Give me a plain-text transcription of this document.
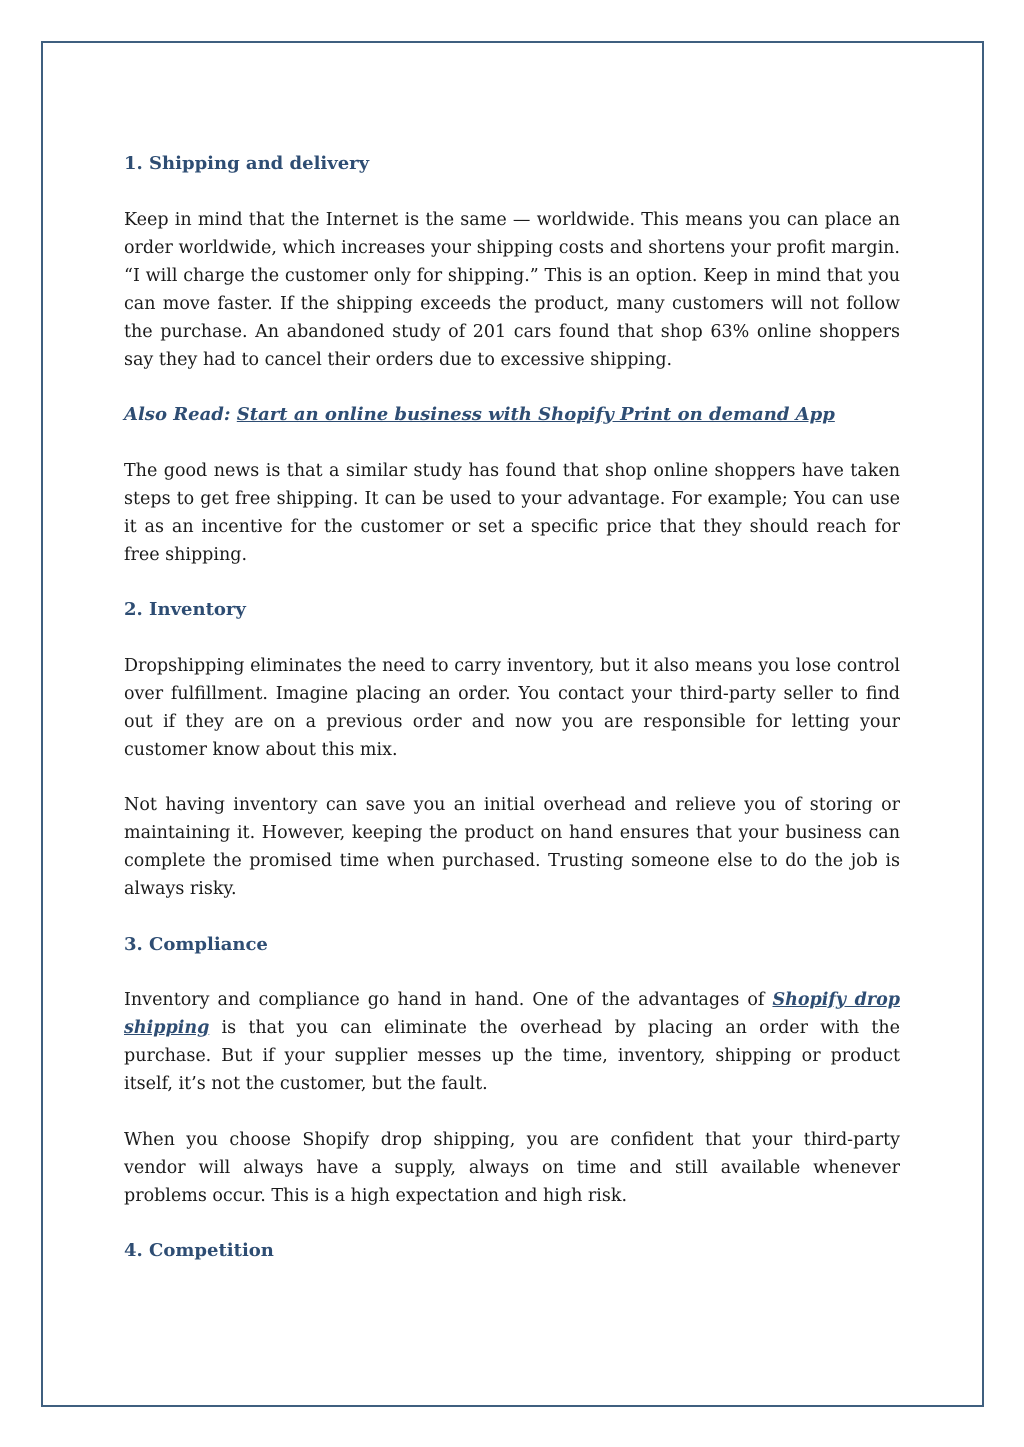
1. Shipping and delivery

Keep in mind that the Internet is the same — worldwide. This means you can place an order worldwide, which increases your shipping costs and shortens your profit margin. “I will charge the customer only for shipping.” This is an option. Keep in mind that you can move faster. If the shipping exceeds the product, many customers will not follow the purchase. An abandoned study of 201 cars found that shop 63% online shoppers say they had to cancel their orders due to excessive shipping.

Also Read: Start an online business with Shopify Print on demand App

The good news is that a similar study has found that shop online shoppers have taken steps to get free shipping. It can be used to your advantage. For example; You can use it as an incentive for the customer or set a specific price that they should reach for free shipping.

2. Inventory

Dropshipping eliminates the need to carry inventory, but it also means you lose control over fulfillment. Imagine placing an order. You contact your third-party seller to find out if they are on a previous order and now you are responsible for letting your customer know about this mix.

Not having inventory can save you an initial overhead and relieve you of storing or maintaining it. However, keeping the product on hand ensures that your business can complete the promised time when purchased. Trusting someone else to do the job is always risky.

3. Compliance

Inventory and compliance go hand in hand. One of the advantages of Shopify drop shipping is that you can eliminate the overhead by placing an order with the purchase. But if your supplier messes up the time, inventory, shipping or product itself, it’s not the customer, but the fault.

When you choose Shopify drop shipping, you are confident that your third-party vendor will always have a supply, always on time and still available whenever problems occur. This is a high expectation and high risk.

4. Competition
